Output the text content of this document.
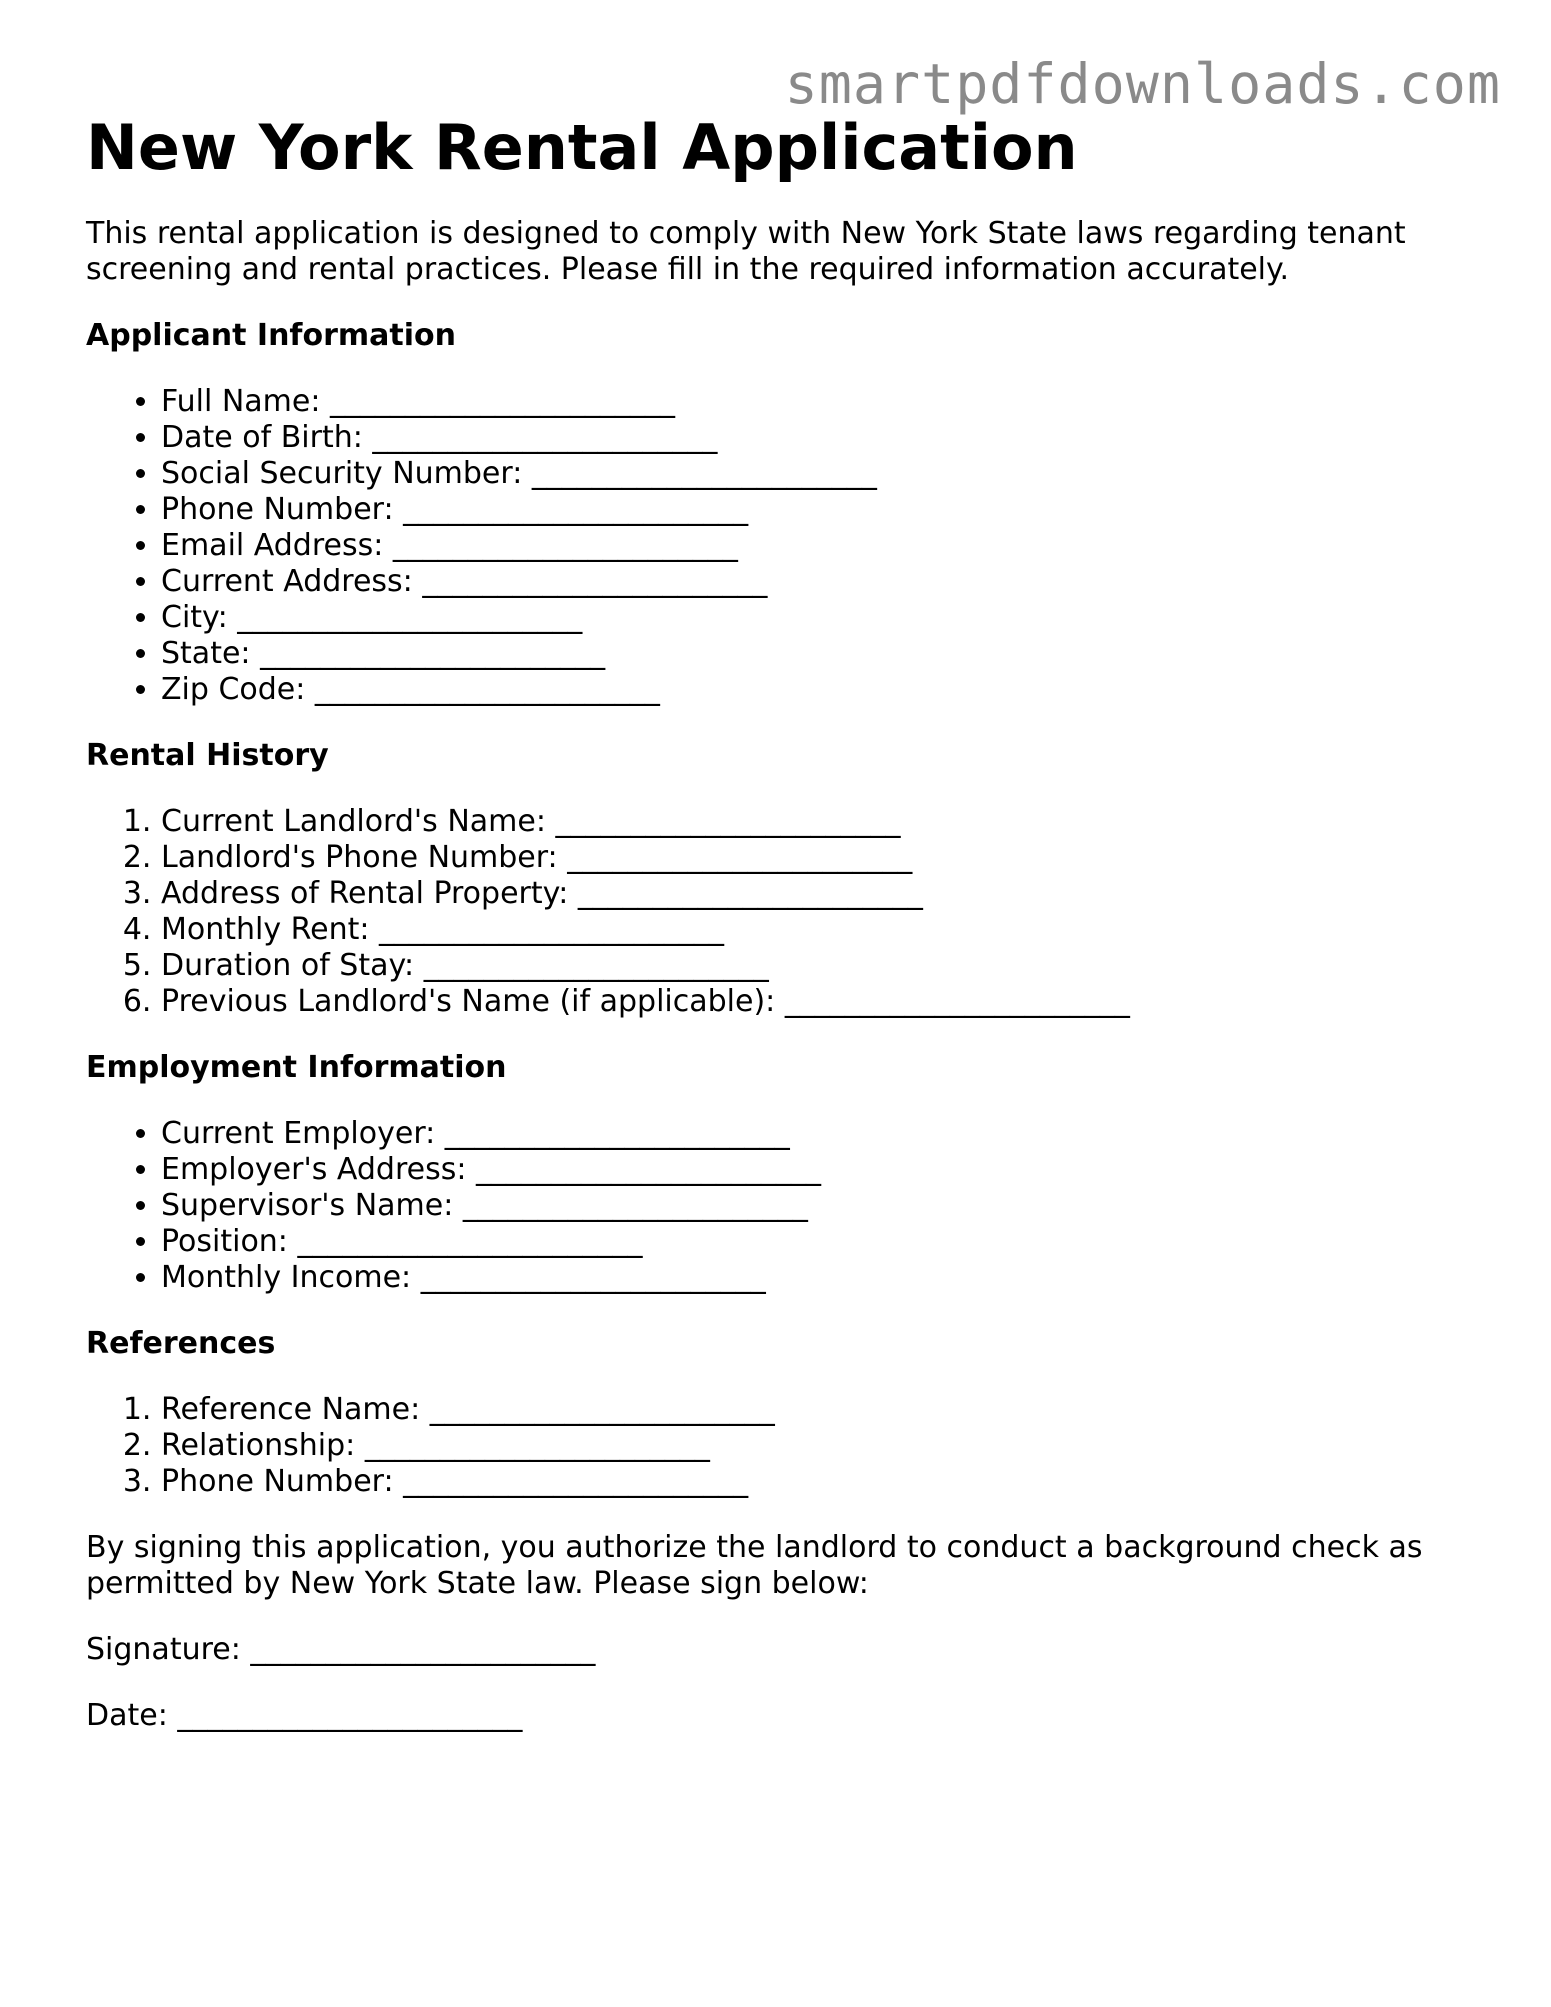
smartpdfdownloads.com
New York Rental Application

This rental application is designed to comply with New York State laws regarding tenant screening and rental practices. Please fill in the required information accurately.

Applicant Information
• Full Name: _______________________
• Date of Birth: _______________________
• Social Security Number: _______________________
• Phone Number: _______________________
• Email Address: _______________________
• Current Address: _______________________
• City: _______________________
• State: _______________________
• Zip Code: _______________________
Rental History
1. Current Landlord's Name: _______________________
2. Landlord's Phone Number: _______________________
3. Address of Rental Property: _______________________
4. Monthly Rent: _______________________
5. Duration of Stay: _______________________
6. Previous Landlord's Name (if applicable): _______________________
Employment Information
• Current Employer: _______________________
• Employer's Address: _______________________
• Supervisor's Name: _______________________
• Position: _______________________
• Monthly Income: _______________________
References
1. Reference Name: _______________________
2. Relationship: _______________________
3. Phone Number: _______________________

By signing this application, you authorize the landlord to conduct a background check as permitted by New York State law. Please sign below:

Signature: _______________________

Date: _______________________
